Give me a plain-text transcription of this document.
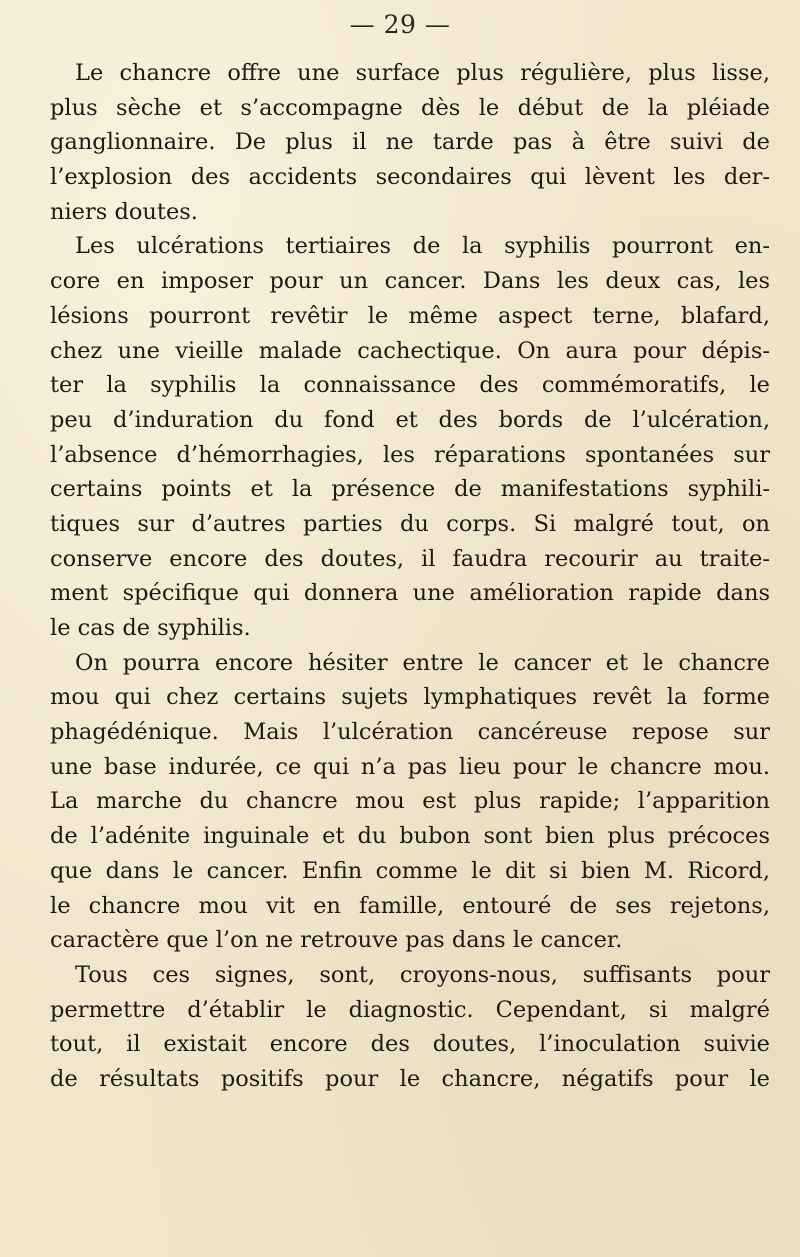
— 29 —
Le chancre offre une surface plus régulière, plus lisse,
plus sèche et s’accompagne dès le début de la pléiade
ganglionnaire. De plus il ne tarde pas à être suivi de
l’explosion des accidents secondaires qui lèvent les der-
niers doutes.
Les ulcérations tertiaires de la syphilis pourront en-
core en imposer pour un cancer. Dans les deux cas, les
lésions pourront revêtir le même aspect terne, blafard,
chez une vieille malade cachectique. On aura pour dépis-
ter la syphilis la connaissance des commémoratifs, le
peu d’induration du fond et des bords de l’ulcération,
l’absence d’hémorrhagies, les réparations spontanées sur
certains points et la présence de manifestations syphili-
tiques sur d’autres parties du corps. Si malgré tout, on
conserve encore des doutes, il faudra recourir au traite-
ment spécifique qui donnera une amélioration rapide dans
le cas de syphilis.
On pourra encore hésiter entre le cancer et le chancre
mou qui chez certains sujets lymphatiques revêt la forme
phagédénique. Mais l’ulcération cancéreuse repose sur
une base indurée, ce qui n’a pas lieu pour le chancre mou.
La marche du chancre mou est plus rapide; l’apparition
de l’adénite inguinale et du bubon sont bien plus précoces
que dans le cancer. Enfin comme le dit si bien M. Ricord,
le chancre mou vit en famille, entouré de ses rejetons,
caractère que l’on ne retrouve pas dans le cancer.
Tous ces signes, sont, croyons-nous, suffisants pour
permettre d’établir le diagnostic. Cependant, si malgré
tout, il existait encore des doutes, l’inoculation suivie
de résultats positifs pour le chancre, négatifs pour le
